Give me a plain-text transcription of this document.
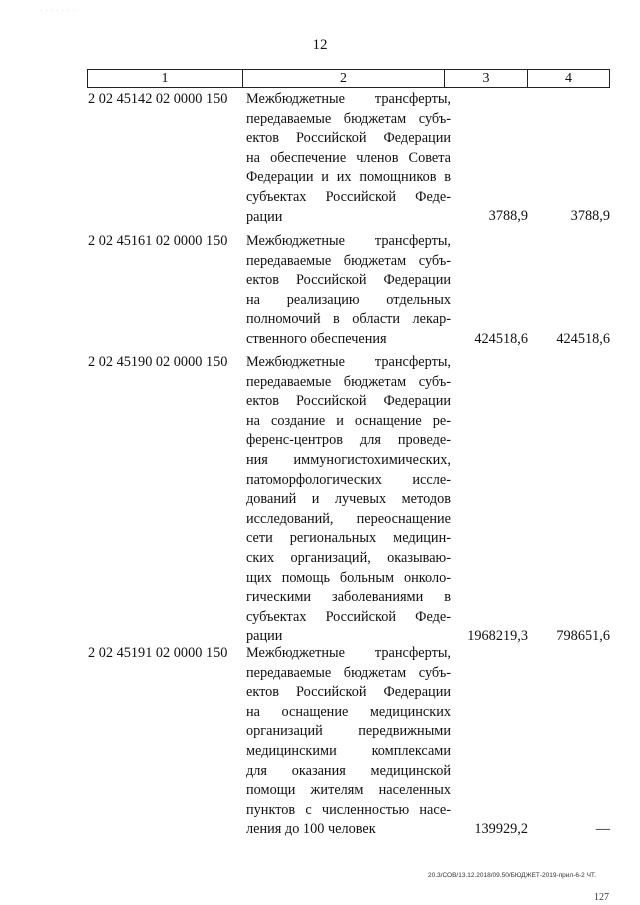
· · · · · · ·
12
1	2	3	4
2 02 45142 02 0000 150 Межбюджетные трансферты,
передаваемые бюджетам субъ-
ектов Российской Федерации
на обеспечение членов Совета
Федерации и их помощников в
субъектах Российской Феде-
рации	3788,9	3788,9
2 02 45161 02 0000 150 Межбюджетные трансферты,
передаваемые бюджетам субъ-
ектов Российской Федерации
на реализацию отдельных
полномочий в области лекар-
ственного обеспечения	424518,6 424518,6
2 02 45190 02 0000 150 Межбюджетные трансферты,
передаваемые бюджетам субъ-
ектов Российской Федерации
на создание и оснащение ре-
ференс-центров для проведе-
ния иммуногистохимических,
патоморфологических иссле-
дований и лучевых методов
исследований, переоснащение
сети региональных медицин-
ских организаций, оказываю-
щих помощь больным онколо-
гическими заболеваниями в
субъектах Российской Феде-
рации	1968219,3 798651,6
2 02 45191 02 0000 150 Межбюджетные трансферты,
передаваемые бюджетам субъ-
ектов Российской Федерации
на оснащение медицинских
организаций передвижными
медицинскими комплексами
для оказания медицинской
помощи жителям населенных
пунктов с численностью насе-
ления до 100 человек	139929,2	—
20.3/СОВ/13.12.2018/09.50/БЮДЖЕТ-2019-прил-6-2 ЧТ.
127
